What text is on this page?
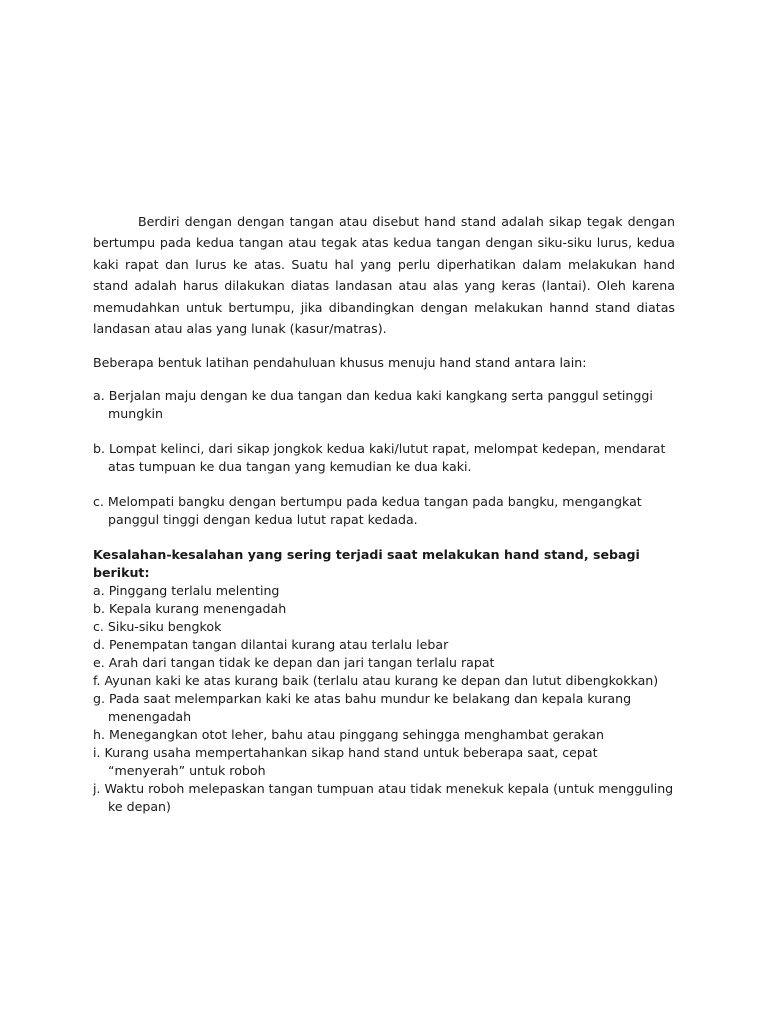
Berdiri dengan dengan tangan atau disebut hand stand adalah sikap tegak dengan bertumpu pada kedua tangan atau tegak atas kedua tangan dengan siku-siku lurus, kedua kaki rapat dan lurus ke atas. Suatu hal yang perlu diperhatikan dalam melakukan hand stand adalah harus dilakukan diatas landasan atau alas yang keras (lantai). Oleh karena memudahkan untuk bertumpu, jika dibandingkan dengan melakukan hannd stand diatas landasan atau alas yang lunak (kasur/matras).

Beberapa bentuk latihan pendahuluan khusus menuju hand stand antara lain:

a. Berjalan maju dengan ke dua tangan dan kedua kaki kangkang serta panggul setinggi mungkin
b. Lompat kelinci, dari sikap jongkok kedua kaki/lutut rapat, melompat kedepan, mendarat atas tumpuan ke dua tangan yang kemudian ke dua kaki.
c. Melompati bangku dengan bertumpu pada kedua tangan pada bangku, mengangkat panggul tinggi dengan kedua lutut rapat kedada.

Kesalahan-kesalahan yang sering terjadi saat melakukan hand stand, sebagi berikut:

a. Pinggang terlalu melenting
b. Kepala kurang menengadah
c. Siku-siku bengkok
d. Penempatan tangan dilantai kurang atau terlalu lebar
e. Arah dari tangan tidak ke depan dan jari tangan terlalu rapat
f. Ayunan kaki ke atas kurang baik (terlalu atau kurang ke depan dan lutut dibengkokkan)
g. Pada saat melemparkan kaki ke atas bahu mundur ke belakang dan kepala kurang menengadah
h. Menegangkan otot leher, bahu atau pinggang sehingga menghambat gerakan
i. Kurang usaha mempertahankan sikap hand stand untuk beberapa saat, cepat “menyerah” untuk roboh
j. Waktu roboh melepaskan tangan tumpuan atau tidak menekuk kepala (untuk mengguling ke depan)
